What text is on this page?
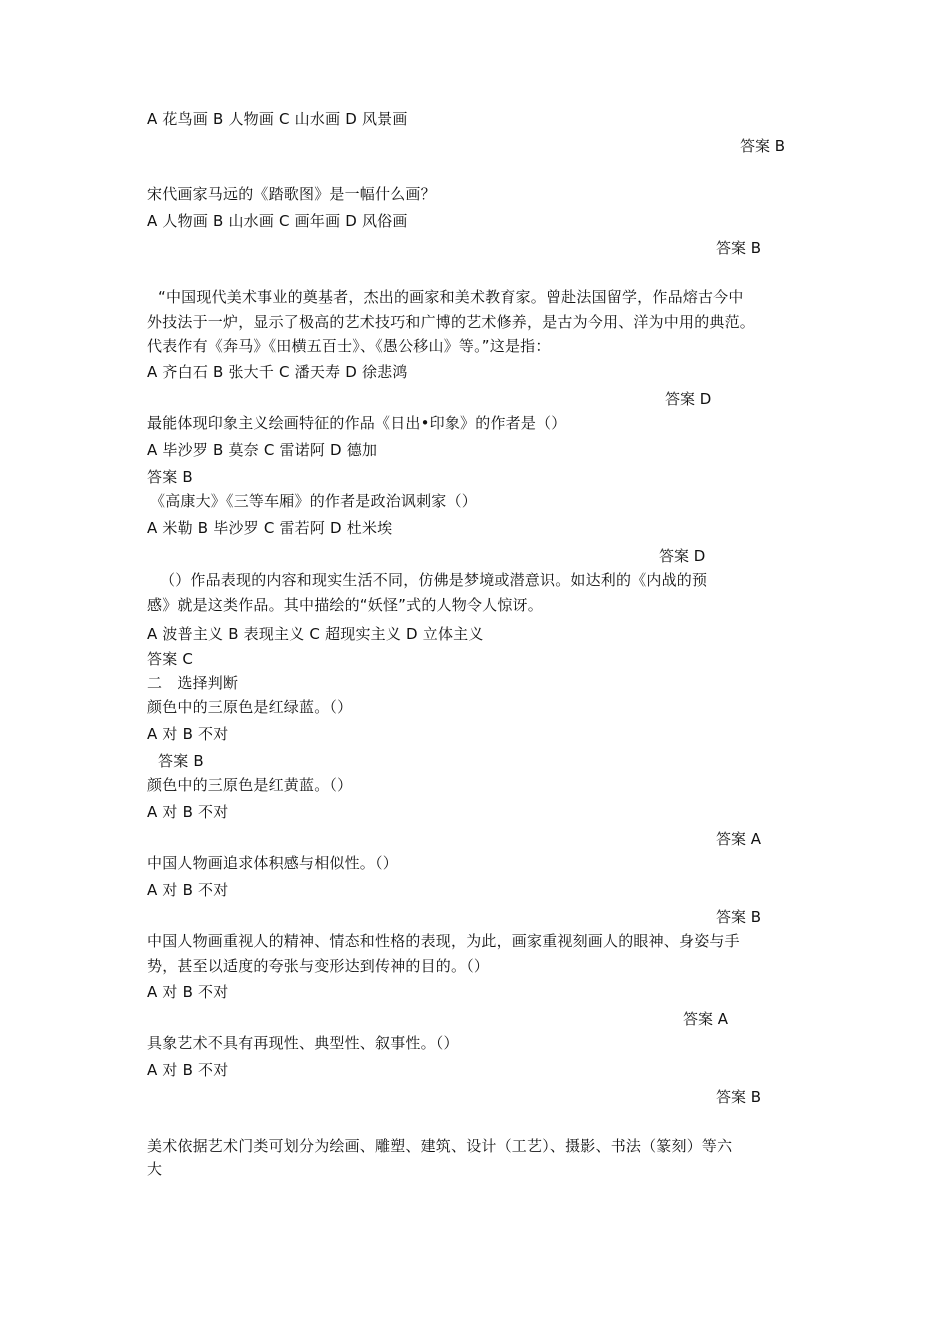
A 花鸟画 B 人物画 C 山水画 D 风景画
答案 B
宋代画家马远的《踏歌图》是一幅什么画？
A 人物画 B 山水画 C 画年画 D 风俗画
答案 B
“中国现代美术事业的奠基者，杰出的画家和美术教育家。曾赴法国留学，作品熔古今中
外技法于一炉，显示了极高的艺术技巧和广博的艺术修养，是古为今用、洋为中用的典范。
代表作有《奔马》《田横五百士》、《愚公移山》等。”这是指：
A 齐白石 B 张大千 C 潘天寿 D 徐悲鸿
答案 D
最能体现印象主义绘画特征的作品《日出•印象》的作者是（）
A 毕沙罗 B 莫奈 C 雷诺阿 D 德加
答案 B
《高康大》《三等车厢》的作者是政治讽刺家（）
A 米勒 B 毕沙罗 C 雷若阿 D 杜米埃
答案 D
（）作品表现的内容和现实生活不同，仿佛是梦境或潜意识。如达利的《内战的预
感》就是这类作品。其中描绘的“妖怪”式的人物令人惊讶。
A 波普主义 B 表现主义 C 超现实主义 D 立体主义
答案 C
二　选择判断
颜色中的三原色是红绿蓝。（）
A 对 B 不对
答案 B
颜色中的三原色是红黄蓝。（）
A 对 B 不对
答案 A
中国人物画追求体积感与相似性。（）
A 对 B 不对
答案 B
中国人物画重视人的精神、情态和性格的表现，为此，画家重视刻画人的眼神、身姿与手
势，甚至以适度的夸张与变形达到传神的目的。（）
A 对 B 不对
答案 A
具象艺术不具有再现性、典型性、叙事性。（）
A 对 B 不对
答案 B
美术依据艺术门类可划分为绘画、雕塑、建筑、设计（工艺）、摄影、书法（篆刻）等六
大
